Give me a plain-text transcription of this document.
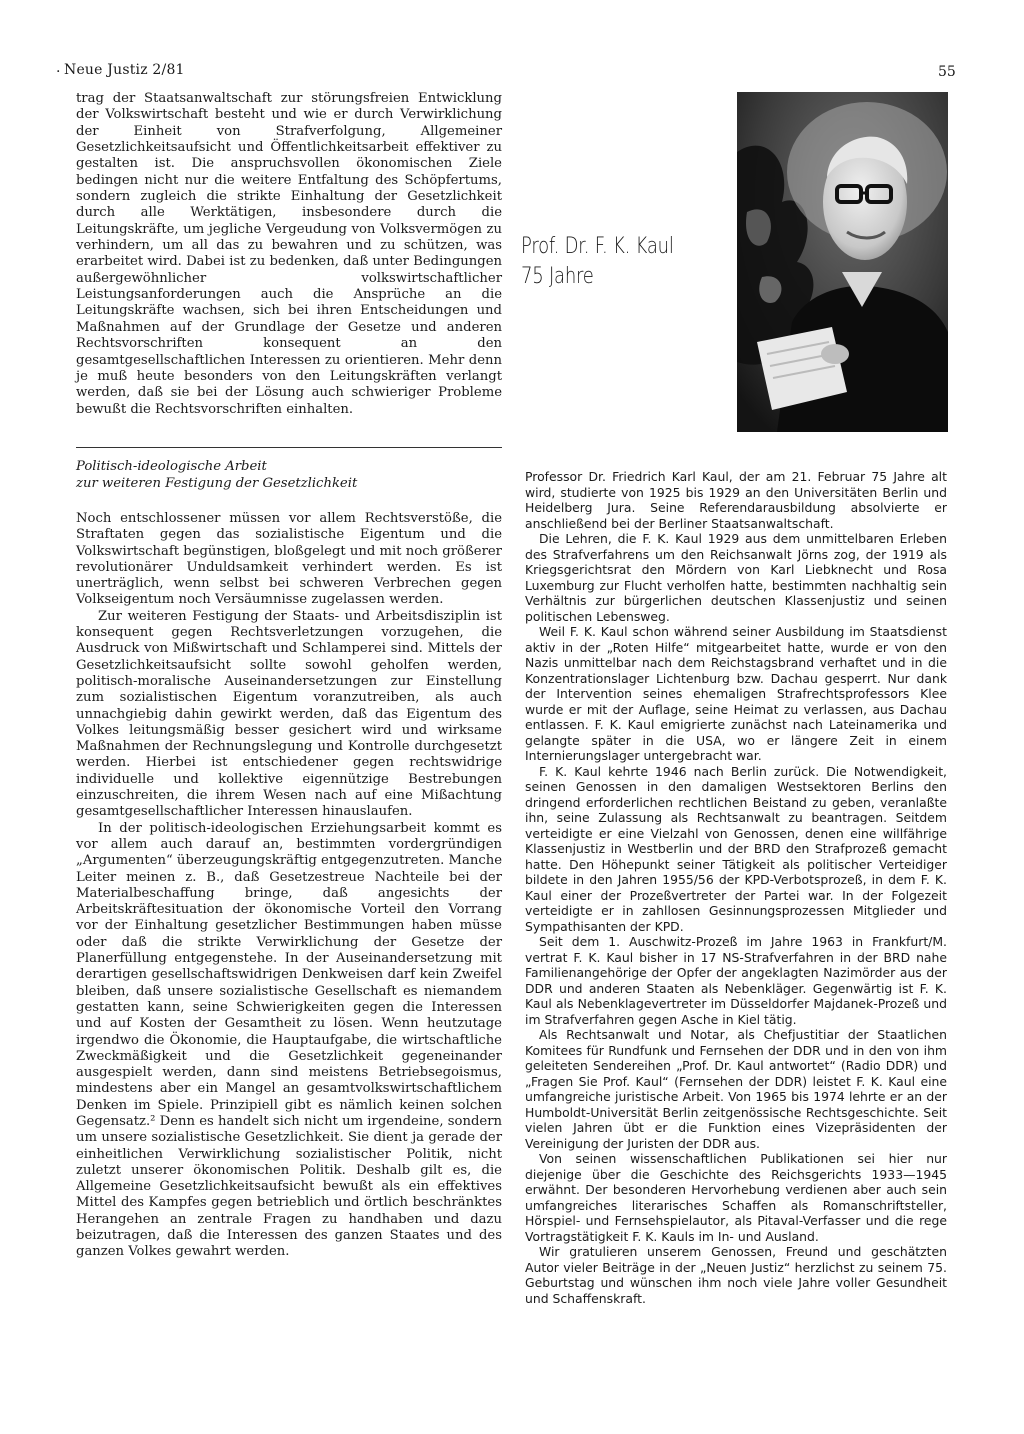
. Neue Justiz 2/81	55

trag der Staatsanwaltschaft zur störungsfreien Entwicklung der Volkswirtschaft besteht und wie er durch Verwirklichung der Einheit von Strafverfolgung, Allgemeiner Gesetzlichkeitsaufsicht und Öffentlichkeitsarbeit effektiver zu gestalten ist. Die anspruchsvollen ökonomischen Ziele bedingen nicht nur die weitere Entfaltung des Schöpfertums, sondern zugleich die strikte Einhaltung der Gesetzlichkeit durch alle Werktätigen, insbesondere durch die Leitungskräfte, um jegliche Vergeudung von Volksvermögen zu verhindern, um all das zu bewahren und zu schützen, was erarbeitet wird. Dabei ist zu bedenken, daß unter Bedingungen außergewöhnlicher volkswirtschaftlicher Leistungsanforderungen auch die Ansprüche an die Leitungskräfte wachsen, sich bei ihren Entscheidungen und Maßnahmen auf der Grundlage der Gesetze und anderen Rechtsvorschriften konsequent an den gesamtgesellschaftlichen Interessen zu orientieren. Mehr denn je muß heute besonders von den Leitungskräften verlangt werden, daß sie bei der Lösung auch schwieriger Probleme bewußt die Rechtsvorschriften einhalten.

Politisch-ideologische Arbeit
zur weiteren Festigung der Gesetzlichkeit

Noch entschlossener müssen vor allem Rechtsverstöße, die Straftaten gegen das sozialistische Eigentum und die Volkswirtschaft begünstigen, bloßgelegt und mit noch größerer revolutionärer Unduldsamkeit verhindert werden. Es ist unerträglich, wenn selbst bei schweren Verbrechen gegen Volkseigentum noch Versäumnisse zugelassen werden.

Zur weiteren Festigung der Staats- und Arbeitsdisziplin ist konsequent gegen Rechtsverletzungen vorzugehen, die Ausdruck von Mißwirtschaft und Schlamperei sind. Mittels der Gesetzlichkeitsaufsicht sollte sowohl geholfen werden, politisch-moralische Auseinandersetzungen zur Einstellung zum sozialistischen Eigentum voranzutreiben, als auch unnachgiebig dahin gewirkt werden, daß das Eigentum des Volkes leitungsmäßig besser gesichert wird und wirksame Maßnahmen der Rechnungslegung und Kontrolle durchgesetzt werden. Hierbei ist entschiedener gegen rechtswidrige individuelle und kollektive eigennützige Bestrebungen einzuschreiten, die ihrem Wesen nach auf eine Mißachtung gesamtgesellschaftlicher Interessen hinauslaufen.

In der politisch-ideologischen Erziehungsarbeit kommt es vor allem auch darauf an, bestimmten vordergründigen „Argumenten“ überzeugungskräftig entgegenzutreten. Manche Leiter meinen z. B., daß Gesetzestreue Nachteile bei der Materialbeschaffung bringe, daß angesichts der Arbeitskräftesituation der ökonomische Vorteil den Vorrang vor der Einhaltung gesetzlicher Bestimmungen haben müsse oder daß die strikte Verwirklichung der Gesetze der Planerfüllung entgegenstehe. In der Auseinandersetzung mit derartigen gesellschaftswidrigen Denkweisen darf kein Zweifel bleiben, daß unsere sozialistische Gesellschaft es niemandem gestatten kann, seine Schwierigkeiten gegen die Interessen und auf Kosten der Gesamtheit zu lösen. Wenn heutzutage irgendwo die Ökonomie, die Hauptaufgabe, die wirtschaftliche Zweckmäßigkeit und die Gesetzlichkeit gegeneinander ausgespielt werden, dann sind meistens Betriebsegoismus, mindestens aber ein Mangel an gesamtvolkswirtschaftlichem Denken im Spiele. Prinzipiell gibt es nämlich keinen solchen Gegensatz.² Denn es handelt sich nicht um irgendeine, sondern um unsere sozialistische Gesetzlichkeit. Sie dient ja gerade der einheitlichen Verwirklichung sozialistischer Politik, nicht zuletzt unserer ökonomischen Politik. Deshalb gilt es, die Allgemeine Gesetzlichkeitsaufsicht bewußt als ein effektives Mittel des Kampfes gegen betrieblich und örtlich beschränktes Herangehen an zentrale Fragen zu handhaben und dazu beizutragen, daß die Interessen des ganzen Staates und des ganzen Volkes gewahrt werden.

Prof. Dr. F. K. Kaul
75 Jahre

Professor Dr. Friedrich Karl Kaul, der am 21. Februar 75 Jahre alt wird, studierte von 1925 bis 1929 an den Universitäten Berlin und Heidelberg Jura. Seine Referendarausbildung absolvierte er anschließend bei der Berliner Staatsanwaltschaft.

Die Lehren, die F. K. Kaul 1929 aus dem unmittelbaren Erleben des Strafverfahrens um den Reichsanwalt Jörns zog, der 1919 als Kriegsgerichtsrat den Mördern von Karl Liebknecht und Rosa Luxemburg zur Flucht verholfen hatte, bestimmten nachhaltig sein Verhältnis zur bürgerlichen deutschen Klassenjustiz und seinen politischen Lebensweg.

Weil F. K. Kaul schon während seiner Ausbildung im Staatsdienst aktiv in der „Roten Hilfe“ mitgearbeitet hatte, wurde er von den Nazis unmittelbar nach dem Reichstagsbrand verhaftet und in die Konzentrationslager Lichtenburg bzw. Dachau gesperrt. Nur dank der Intervention seines ehemaligen Strafrechtsprofessors Klee wurde er mit der Auflage, seine Heimat zu verlassen, aus Dachau entlassen. F. K. Kaul emigrierte zunächst nach Lateinamerika und gelangte später in die USA, wo er längere Zeit in einem Internierungslager untergebracht war.

F. K. Kaul kehrte 1946 nach Berlin zurück. Die Notwendigkeit, seinen Genossen in den damaligen Westsektoren Berlins den dringend erforderlichen rechtlichen Beistand zu geben, veranlaßte ihn, seine Zulassung als Rechtsanwalt zu beantragen. Seitdem verteidigte er eine Vielzahl von Genossen, denen eine willfährige Klassenjustiz in Westberlin und der BRD den Strafprozeß gemacht hatte. Den Höhepunkt seiner Tätigkeit als politischer Verteidiger bildete in den Jahren 1955/56 der KPD-Verbotsprozeß, in dem F. K. Kaul einer der Prozeßvertreter der Partei war. In der Folgezeit verteidigte er in zahllosen Gesinnungsprozessen Mitglieder und Sympathisanten der KPD.

Seit dem 1. Auschwitz-Prozeß im Jahre 1963 in Frankfurt/M. vertrat F. K. Kaul bisher in 17 NS-Strafverfahren in der BRD nahe Familienangehörige der Opfer der angeklagten Nazimörder aus der DDR und anderen Staaten als Nebenkläger. Gegenwärtig ist F. K. Kaul als Nebenklagevertreter im Düsseldorfer Majdanek-Prozeß und im Strafverfahren gegen Asche in Kiel tätig.

Als Rechtsanwalt und Notar, als Chefjustitiar der Staatlichen Komitees für Rundfunk und Fernsehen der DDR und in den von ihm geleiteten Sendereihen „Prof. Dr. Kaul antwortet“ (Radio DDR) und „Fragen Sie Prof. Kaul“ (Fernsehen der DDR) leistet F. K. Kaul eine umfangreiche juristische Arbeit. Von 1965 bis 1974 lehrte er an der Humboldt-Universität Berlin zeitgenössische Rechtsgeschichte. Seit vielen Jahren übt er die Funktion eines Vizepräsidenten der Vereinigung der Juristen der DDR aus.

Von seinen wissenschaftlichen Publikationen sei hier nur diejenige über die Geschichte des Reichsgerichts 1933—1945 erwähnt. Der besonderen Hervorhebung verdienen aber auch sein umfangreiches literarisches Schaffen als Romanschriftsteller, Hörspiel- und Fernsehspielautor, als Pitaval-Verfasser und die rege Vortragstätigkeit F. K. Kauls im In- und Ausland.

Wir gratulieren unserem Genossen, Freund und geschätzten Autor vieler Beiträge in der „Neuen Justiz“ herzlichst zu seinem 75. Geburtstag und wünschen ihm noch viele Jahre voller Gesundheit und Schaffenskraft.
